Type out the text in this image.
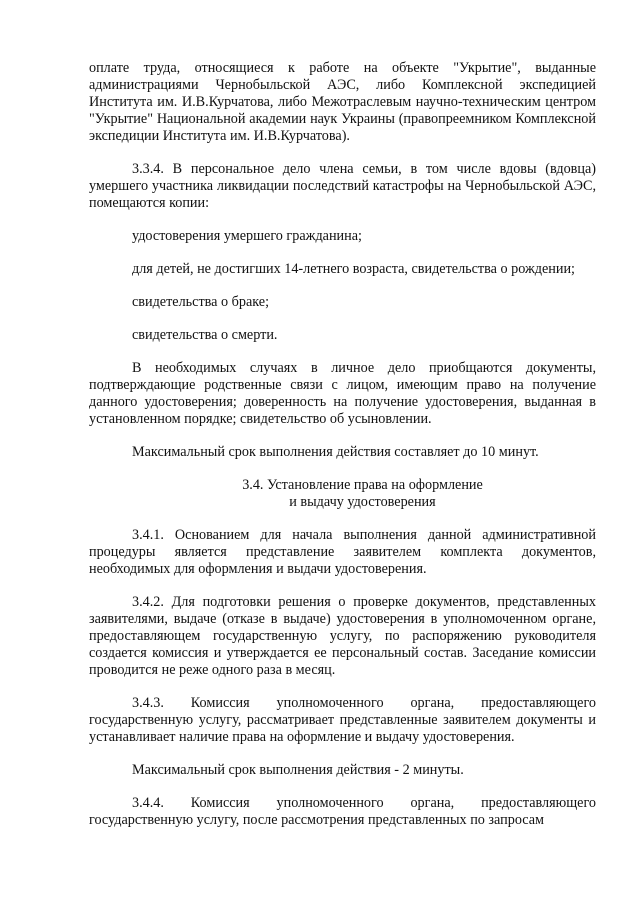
оплате труда, относящиеся к работе на объекте "Укрытие", выданные администрациями Чернобыльской АЭС, либо Комплексной экспедицией Института им. И.В.Курчатова, либо Межотраслевым научно-техническим центром "Укрытие" Национальной академии наук Украины (правопреемником Комплексной экспедиции Института им. И.В.Курчатова).

3.3.4. В персональное дело члена семьи, в том числе вдовы (вдовца) умершего участника ликвидации последствий катастрофы на Чернобыльской АЭС, помещаются копии:

удостоверения умершего гражданина;

для детей, не достигших 14-летнего возраста, свидетельства о рождении;

свидетельства о браке;

свидетельства о смерти.

В необходимых случаях в личное дело приобщаются документы, подтверждающие родственные связи с лицом, имеющим право на получение данного удостоверения; доверенность на получение удостоверения, выданная в установленном порядке; свидетельство об усыновлении.

Максимальный срок выполнения действия составляет до 10 минут.

3.4. Установление права на оформление
и выдачу удостоверения

3.4.1. Основанием для начала выполнения данной административной процедуры является представление заявителем комплекта документов, необходимых для оформления и выдачи удостоверения.

3.4.2. Для подготовки решения о проверке документов, представленных заявителями, выдаче (отказе в выдаче) удостоверения в уполномоченном органе, предоставляющем государственную услугу, по распоряжению руководителя создается комиссия и утверждается ее персональный состав. Заседание комиссии проводится не реже одного раза в месяц.

3.4.3. Комиссия уполномоченного органа, предоставляющего государственную услугу, рассматривает представленные заявителем документы и устанавливает наличие права на оформление и выдачу удостоверения.

Максимальный срок выполнения действия - 2 минуты.

3.4.4. Комиссия уполномоченного органа, предоставляющего государственную услугу, после рассмотрения представленных по запросам
